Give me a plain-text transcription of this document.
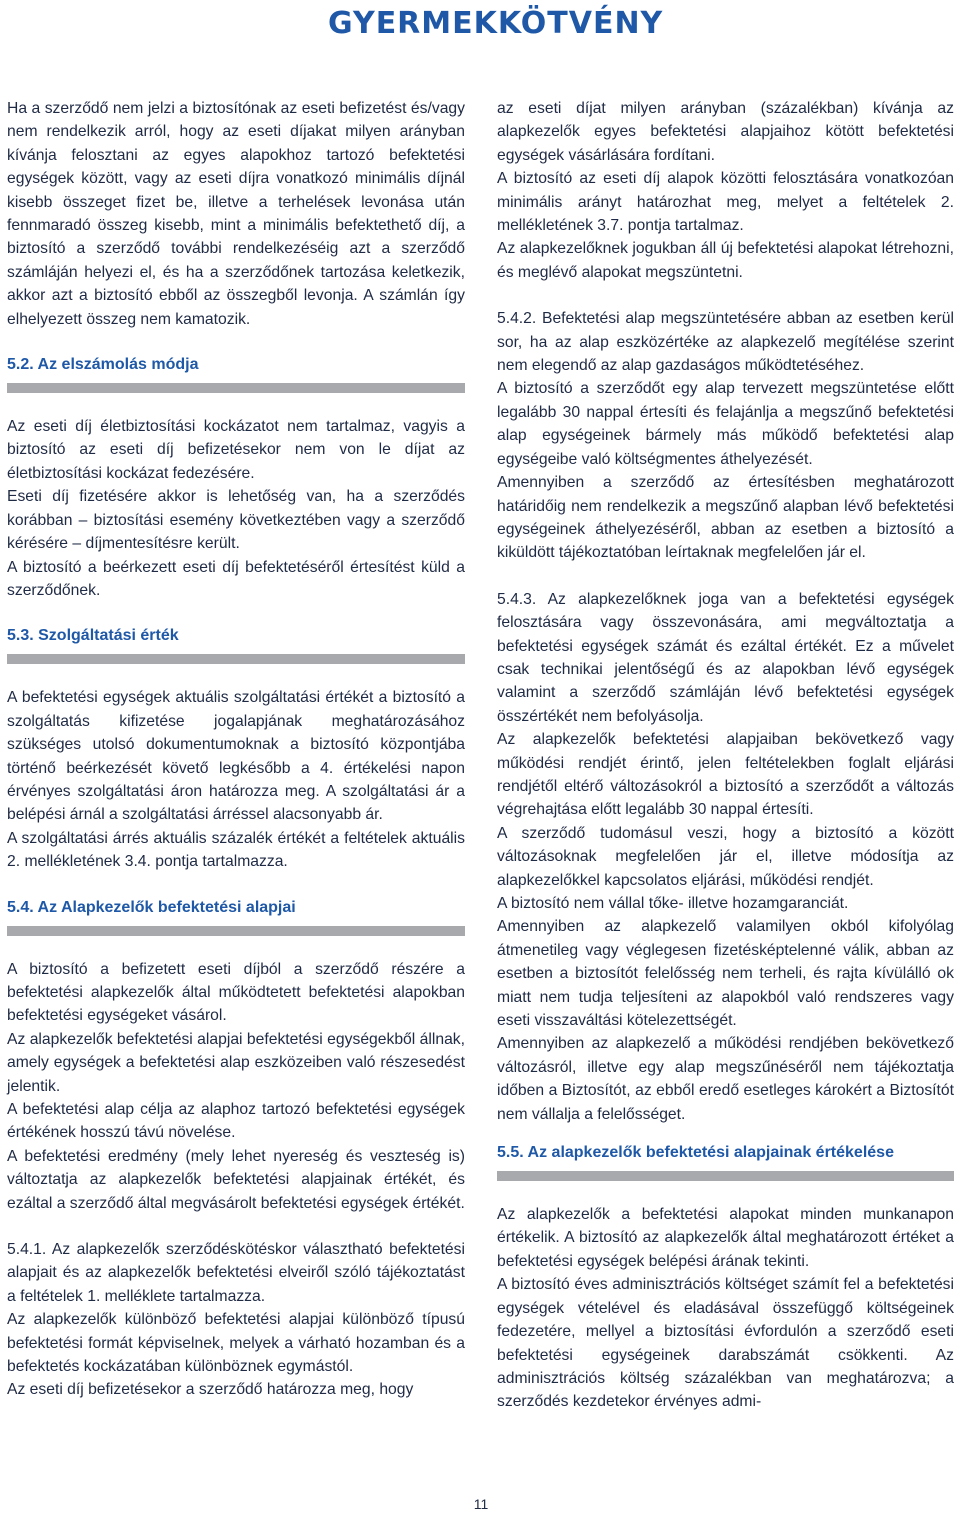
GYERMEKKÖTVÉNY

Ha a szerződő nem jelzi a biztosítónak az eseti befizetést és/vagy nem rendelkezik arról, hogy az eseti díjakat milyen arányban kívánja felosztani az egyes alapokhoz tartozó befektetési egységek között, vagy az eseti díjra vonatkozó minimális díjnál kisebb összeget fizet be, illetve a terhelések levonása után fennmaradó összeg kisebb, mint a minimális befektethető díj, a biztosító a szerződő további rendelkezéséig azt a szerződő számláján helyezi el, és ha a szerződőnek tartozása keletkezik, akkor azt a biztosító ebből az összegből levonja. A számlán így elhelyezett összeg nem kamatozik.

5.2. Az elszámolás módja

Az eseti díj életbiztosítási kockázatot nem tartalmaz, vagyis a biztosító az eseti díj befizetésekor nem von le díjat az életbiztosítási kockázat fedezésére.

Eseti díj fizetésére akkor is lehetőség van, ha a szerződés korábban – biztosítási esemény következtében vagy a szerződő kérésére – díjmentesítésre került.

A biztosító a beérkezett eseti díj befektetéséről értesítést küld a szerződőnek.

5.3. Szolgáltatási érték

A befektetési egységek aktuális szolgáltatási értékét a biztosító a szolgáltatás kifizetése jogalapjának meghatározásához szükséges utolsó dokumentumoknak a biztosító központjába történő beérkezését követő legkésőbb a 4. értékelési napon érvényes szolgáltatási áron határozza meg. A szolgáltatási ár a belépési árnál a szolgáltatási árréssel alacsonyabb ár.

A szolgáltatási árrés aktuális százalék értékét a feltételek aktuális 2. mellékletének 3.4. pontja tartalmazza.

5.4. Az Alapkezelők befektetési alapjai

A biztosító a befizetett eseti díjból a szerződő részére a befektetési alapkezelők által működtetett befektetési alapokban befektetési egységeket vásárol.

Az alapkezelők befektetési alapjai befektetési egységekből állnak, amely egységek a befektetési alap eszközeiben való részesedést jelentik.

A befektetési alap célja az alaphoz tartozó befektetési egységek értékének hosszú távú növelése.

A befektetési eredmény (mely lehet nyereség és veszteség is) változtatja az alapkezelők befektetési alapjainak értékét, és ezáltal a szerződő által megvásárolt befektetési egységek értékét.

5.4.1. Az alapkezelők szerződéskötéskor választható befektetési alapjait és az alapkezelők befektetési elveiről szóló tájékoztatást a feltételek 1. melléklete tartalmazza.

Az alapkezelők különböző befektetési alapjai különböző típusú befektetési formát képviselnek, melyek a várható hozamban és a befektetés kockázatában különböznek egymástól.

Az eseti díj befizetésekor a szerződő határozza meg, hogy

az eseti díjat milyen arányban (százalékban) kívánja az alapkezelők egyes befektetési alapjaihoz kötött befektetési egységek vásárlására fordítani.

A biztosító az eseti díj alapok közötti felosztására vonatkozóan minimális arányt határozhat meg, melyet a feltételek 2. mellékletének 3.7. pontja tartalmaz.

Az alapkezelőknek jogukban áll új befektetési alapokat létrehozni, és meglévő alapokat megszüntetni.

5.4.2. Befektetési alap megszüntetésére abban az esetben kerül sor, ha az alap eszközértéke az alapkezelő megítélése szerint nem elegendő az alap gazdaságos működtetéséhez.

A biztosító a szerződőt egy alap tervezett megszüntetése előtt legalább 30 nappal értesíti és felajánlja a megszűnő befektetési alap egységeinek bármely más működő befektetési alap egységeibe való költségmentes áthelyezését.

Amennyiben a szerződő az értesítésben meghatározott határidőig nem rendelkezik a megszűnő alapban lévő befektetési egységeinek áthelyezéséről, abban az esetben a biztosító a kiküldött tájékoztatóban leírtaknak megfelelően jár el.

5.4.3. Az alapkezelőknek joga van a befektetési egységek felosztására vagy összevonására, ami megváltoztatja a befektetési egységek számát és ezáltal értékét. Ez a művelet csak technikai jelentőségű és az alapokban lévő egységek valamint a szerződő számláján lévő befektetési egységek összértékét nem befolyásolja.

Az alapkezelők befektetési alapjaiban bekövetkező vagy működési rendjét érintő, jelen feltételekben foglalt eljárási rendjétől eltérő változásokról a biztosító a szerződőt a változás végrehajtása előtt legalább 30 nappal értesíti.

A szerződő tudomásul veszi, hogy a biztosító a között változásoknak megfelelően jár el, illetve módosítja az alapkezelőkkel kapcsolatos eljárási, működési rendjét.

A biztosító nem vállal tőke- illetve hozamgaranciát.

Amennyiben az alapkezelő valamilyen okból kifolyólag átmenetileg vagy véglegesen fizetésképtelenné válik, abban az esetben a biztosítót felelősség nem terheli, és rajta kívülálló ok miatt nem tudja teljesíteni az alapokból való rendszeres vagy eseti visszaváltási kötelezettségét.

Amennyiben az alapkezelő a működési rendjében bekövetkező változásról, illetve egy alap megszűnéséről nem tájékoztatja időben a Biztosítót, az ebből eredő esetleges károkért a Biztosítót nem vállalja a felelősséget.

5.5. Az alapkezelők befektetési alapjainak értékelése

Az alapkezelők a befektetési alapokat minden munkanapon értékelik. A biztosító az alapkezelők által meghatározott értéket a befektetési egységek belépési árának tekinti.

A biztosító éves adminisztrációs költséget számít fel a befektetési egységek vételével és eladásával összefüggő költségeinek fedezetére, mellyel a biztosítási évfordulón a szerződő eseti befektetési egységeinek darabszámát csökkenti. Az adminisztrációs költség százalékban van meghatározva; a szerződés kezdetekor érvényes admi-

11
